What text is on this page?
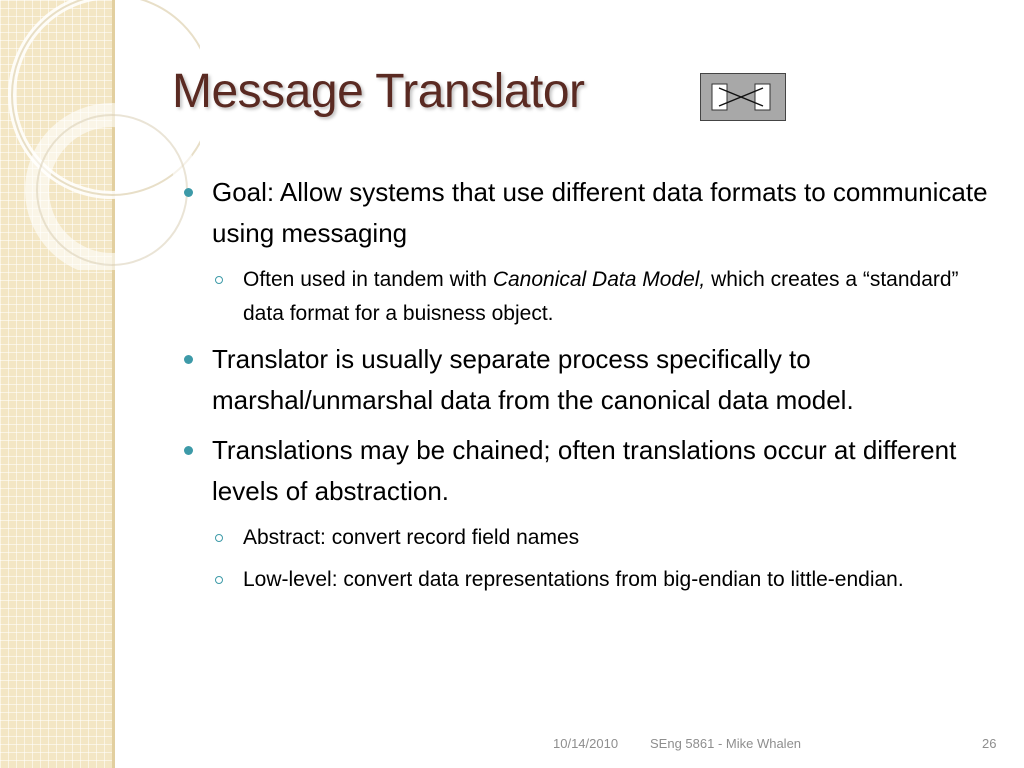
Message Translator
Goal: Allow systems that use different data formats to communicate using messaging
Often used in tandem with Canonical Data Model, which creates a “standard” data format for a buisness object.
Translator is usually separate process specifically to marshal/unmarshal data from the canonical data model.
Translations may be chained; often translations occur at different levels of abstraction.
Abstract: convert record field names
Low-level: convert data representations from big-endian to little-endian.
10/14/2010 SEng 5861 - Mike Whalen	26
